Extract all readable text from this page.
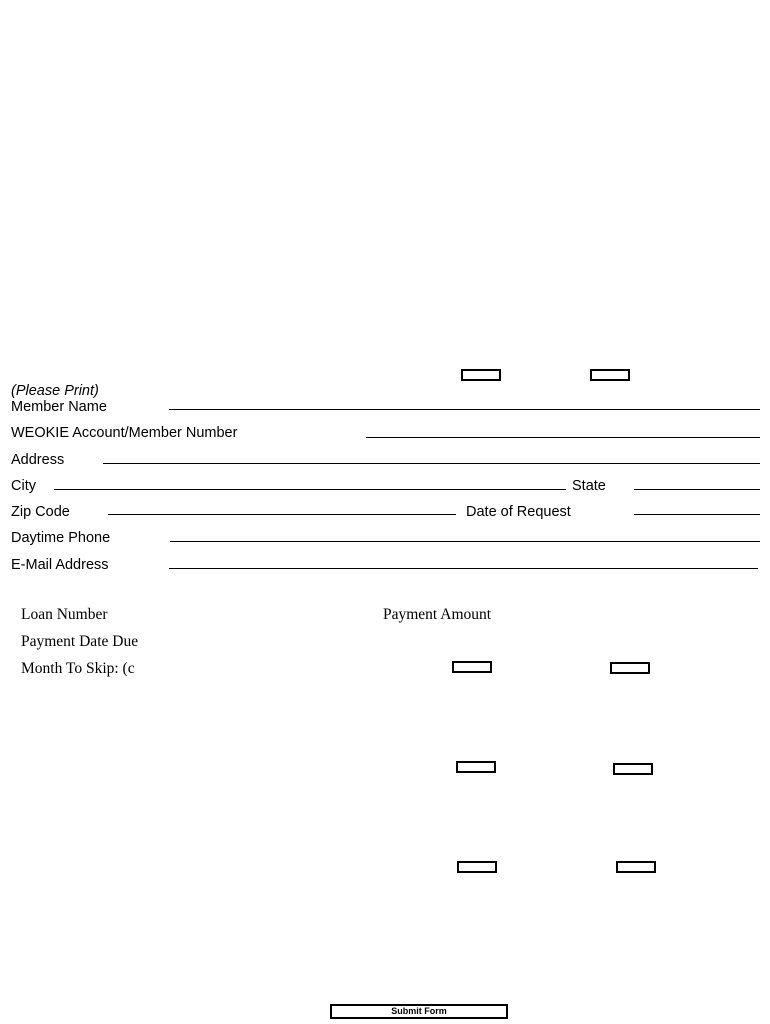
(Please Print)
Member Name
WEOKIE Account/Member Number
Address
City	State
Zip Code	Date of Request
Daytime Phone
E-Mail Address
Loan Number	Payment Amount
Payment Date Due
Month To Skip: (c
Submit Form
